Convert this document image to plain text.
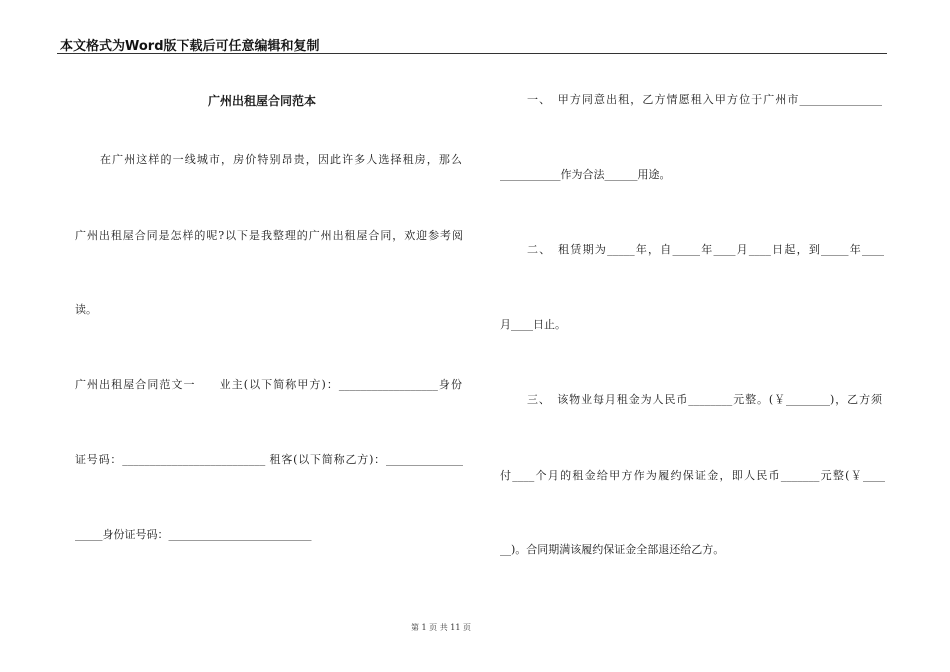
本文格式为Word版下载后可任意编辑和复制
广州出租屋合同范本
在广州这样的一线城市，房价特别昂贵，因此许多人选择租房，那么
广州出租屋合同是怎样的呢?以下是我整理的广州出租屋合同，欢迎参考阅
读。
广州出租屋合同范文一　　业主(以下简称甲方)：__________________身份
证号码：__________________________ 租客(以下简称乙方)：______________
_____身份证号码：__________________________
一、　甲方同意出租，乙方情愿租入甲方位于广州市_______________
___________作为合法______用途。
二、　租赁期为_____年，自_____年____月____日起，到_____年____
月____日止。
三、　该物业每月租金为人民币________元整。(￥________)，乙方须
付____个月的租金给甲方作为履约保证金，即人民币_______元整(￥____
__)。合同期满该履约保证金全部退还给乙方。
第 1 页 共 11 页
